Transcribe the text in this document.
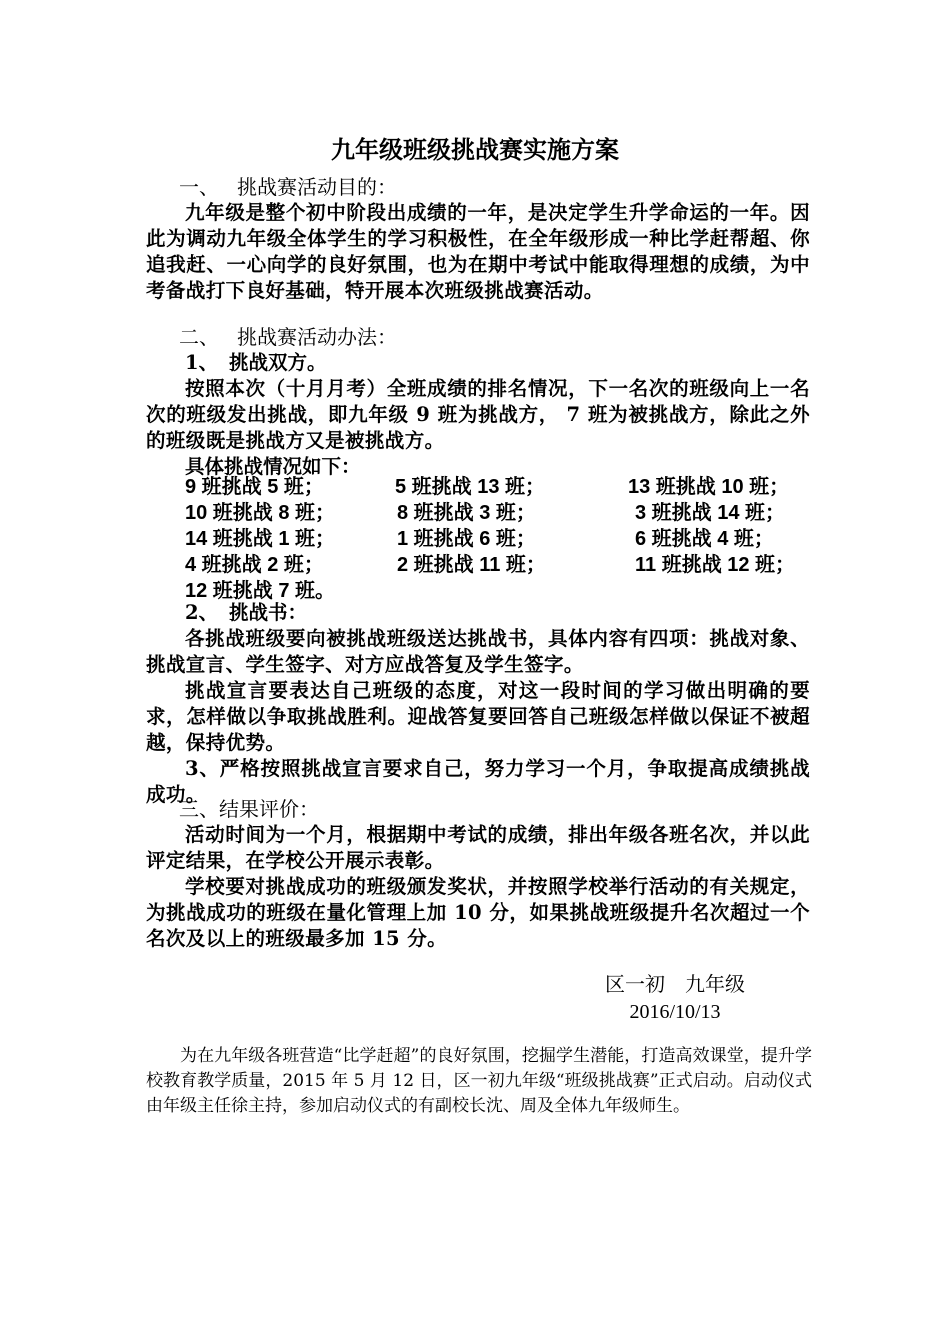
九年级班级挑战赛实施方案

一、 挑战赛活动目的：

九年级是整个初中阶段出成绩的一年，是决定学生升学命运的一年。因此为调动九年级全体学生的学习积极性，在全年级形成一种比学赶帮超、你追我赶、一心向学的良好氛围，也为在期中考试中能取得理想的成绩，为中考备战打下良好基础，特开展本次班级挑战赛活动。

二、 挑战赛活动办法：

1、 挑战双方。

按照本次（十月月考）全班成绩的排名情况，下一名次的班级向上一名次的班级发出挑战，即九年级 9 班为挑战方， 7 班为被挑战方，除此之外的班级既是挑战方又是被挑战方。

具体挑战情况如下：

9 班挑战 5 班；	5 班挑战 13 班；	13 班挑战 10 班；
10 班挑战 8 班；	8 班挑战 3 班；	3 班挑战 14 班；
14 班挑战 1 班；	1 班挑战 6 班；	6 班挑战 4 班；
4 班挑战 2 班；	2 班挑战 11 班；	11 班挑战 12 班；
12 班挑战 7 班。

2、 挑战书：

各挑战班级要向被挑战班级送达挑战书，具体内容有四项：挑战对象、挑战宣言、学生签字、对方应战答复及学生签字。

挑战宣言要表达自己班级的态度，对这一段时间的学习做出明确的要求，怎样做以争取挑战胜利。迎战答复要回答自己班级怎样做以保证不被超越，保持优势。

3、严格按照挑战宣言要求自己，努力学习一个月，争取提高成绩挑战成功。

三、结果评价：

活动时间为一个月，根据期中考试的成绩，排出年级各班名次，并以此评定结果，在学校公开展示表彰。

学校要对挑战成功的班级颁发奖状，并按照学校举行活动的有关规定，为挑战成功的班级在量化管理上加 10 分，如果挑战班级提升名次超过一个名次及以上的班级最多加 15 分。

区一初　九年级
2016/10/13

为在九年级各班营造“比学赶超”的良好氛围，挖掘学生潜能，打造高效课堂，提升学校教育教学质量，2015 年 5 月 12 日，区一初九年级“班级挑战赛”正式启动。启动仪式由年级主任徐主持，参加启动仪式的有副校长沈、周及全体九年级师生。
